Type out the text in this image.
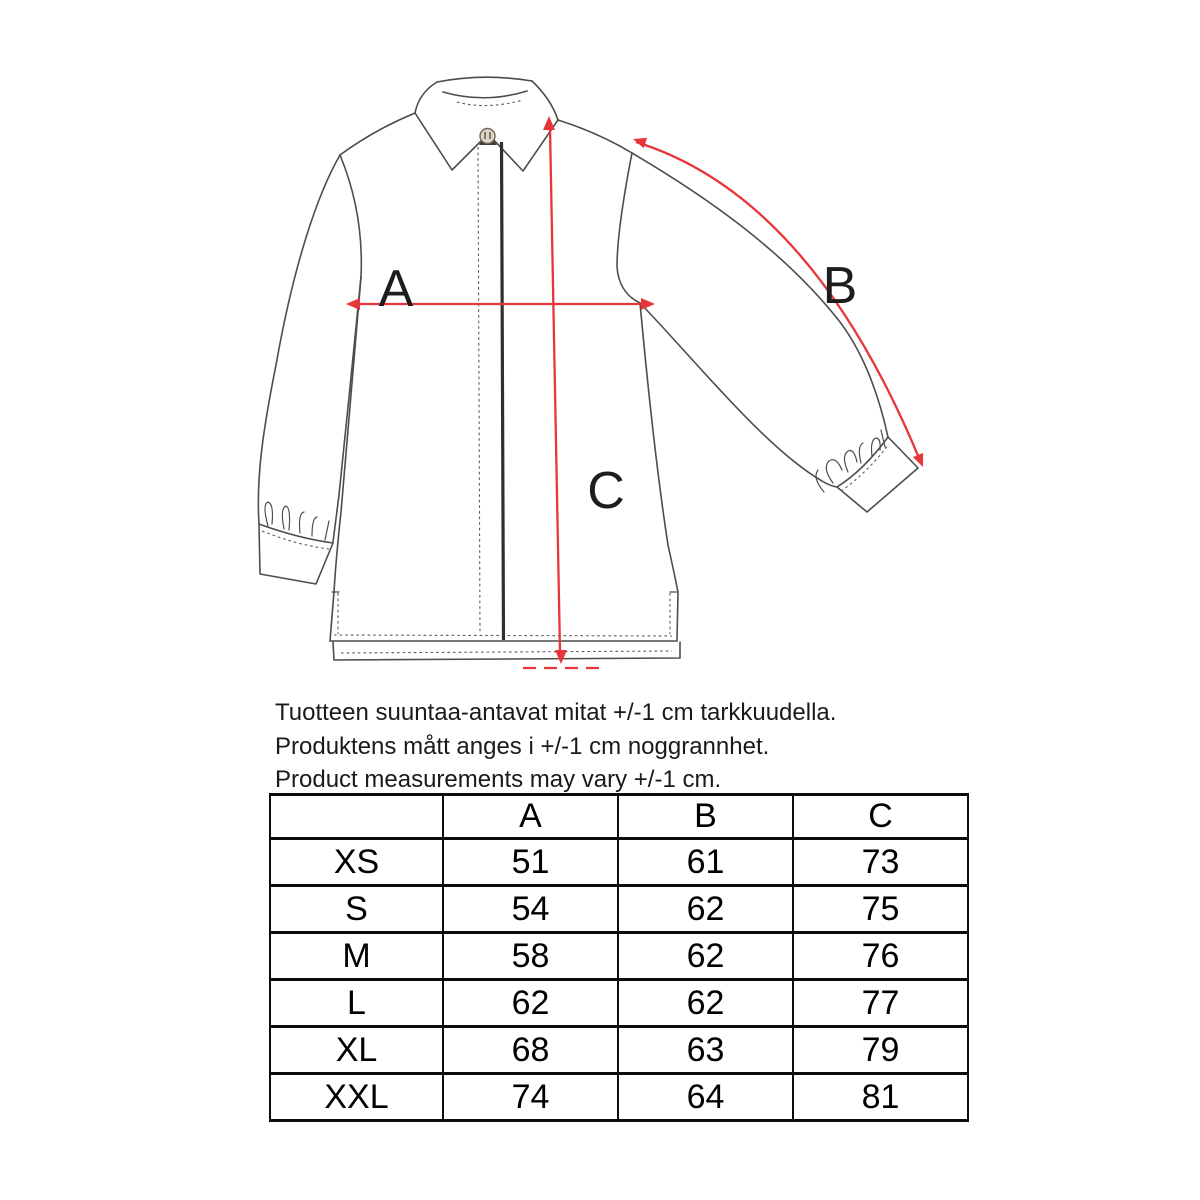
A	B
C
Tuotteen suuntaa-antavat mitat +/-1 cm tarkkuudella.
Produktens mått anges i +/-1 cm noggrannhet.
Product measurements may vary +/-1 cm.
	A	B	C
XS	51	61	73
S	54	62	75
M	58	62	76
L	62	62	77
XL	68	63	79
XXL	74	64	81
